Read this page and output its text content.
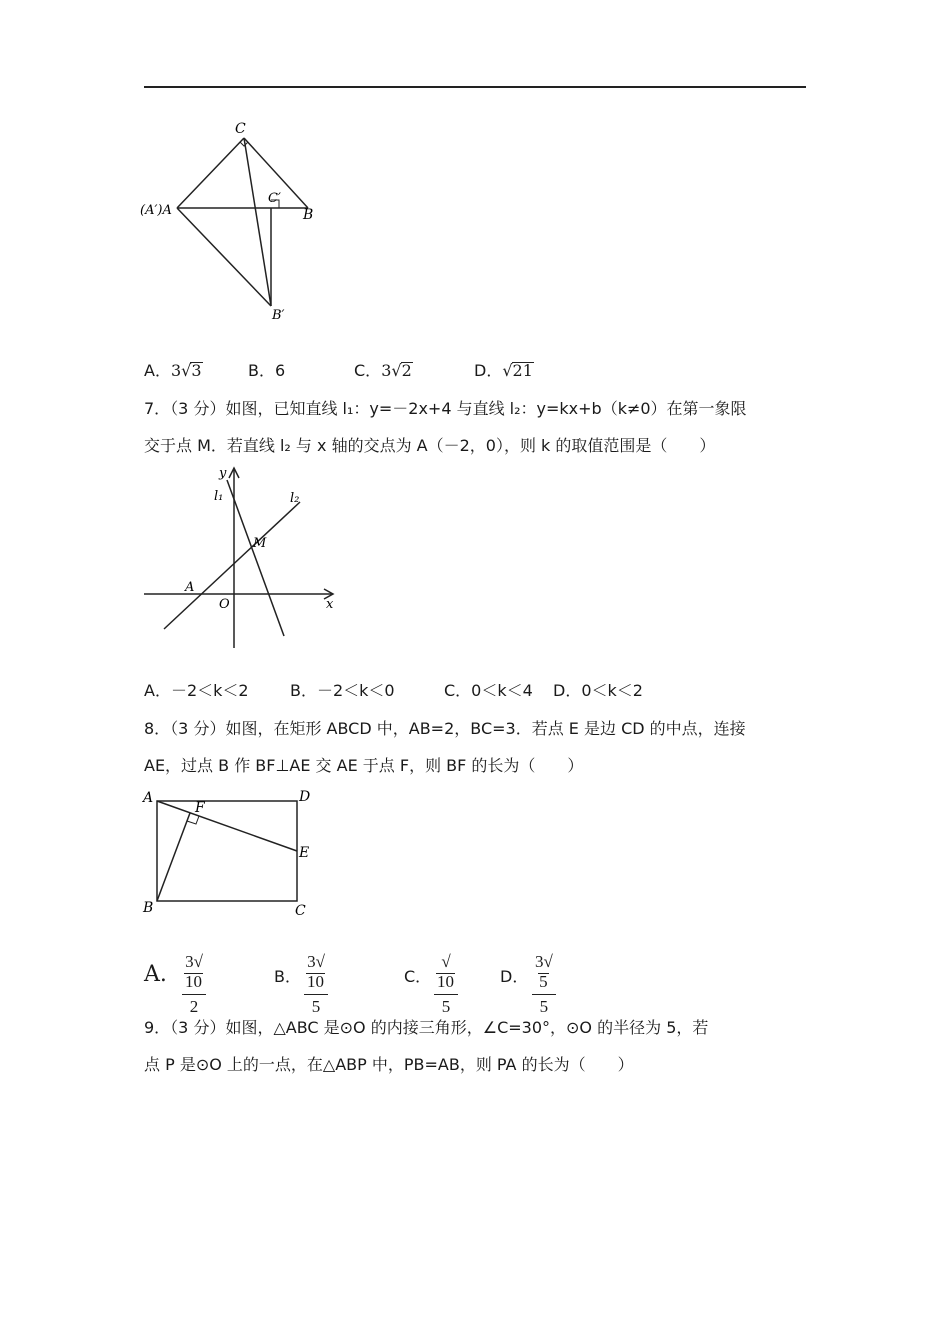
C
(A′)A
C′
B
B′
A．3√3	B．6	C．3√2	D．√21
7．（3 分）如图，已知直线 l₁：y=－2x+4 与直线 l₂：y=kx+b（k≠0）在第一象限
交于点 M．若直线 l₂ 与 x 轴的交点为 A（－2，0），则 k 的取值范围是（　　）
y
x
l₁	l₂
M
A
O
A．－2＜k＜2	B．－2＜k＜0	C．0＜k＜4 D．0＜k＜2
8．（3 分）如图，在矩形 ABCD 中，AB=2，BC=3．若点 E 是边 CD 的中点，连接
AE，过点 B 作 BF⊥AE 交 AE 于点 F，则 BF 的长为（　　）
A
B	C
D
E
F
A. $\frac{3√10}{2}$	B． $\frac{3√10}{5}$	C． $\frac{√10}{5}$	D． $\frac{3√5}{5}$
9．（3 分）如图，△ABC 是⊙O 的内接三角形，∠C=30°，⊙O 的半径为 5，若
点 P 是⊙O 上的一点，在△ABP 中，PB=AB，则 PA 的长为（　　）
